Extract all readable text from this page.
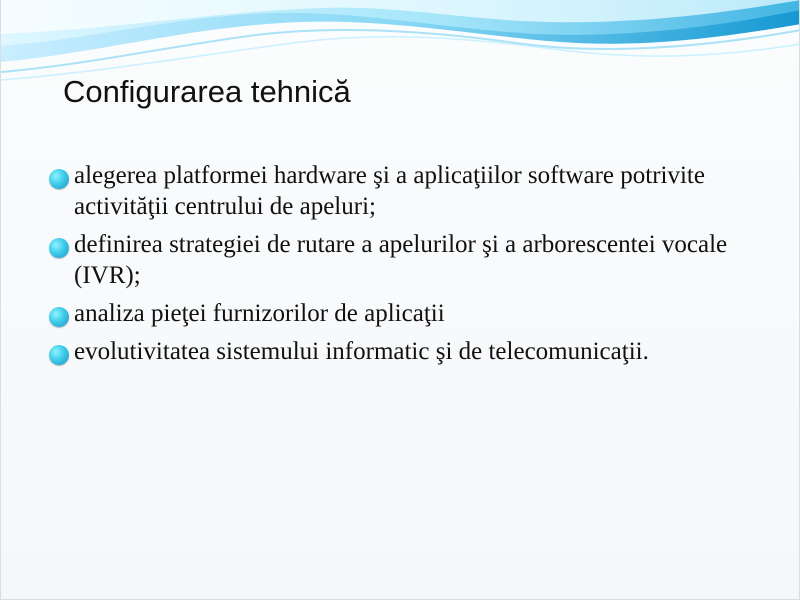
Configurarea tehnică
alegerea platformei hardware şi a aplicaţiilor software potrivite activităţii centrului de apeluri;
definirea strategiei de rutare a apelurilor şi a arborescentei vocale (IVR);
analiza pieţei furnizorilor de aplicaţii
evolutivitatea sistemului informatic şi de telecomunicaţii.
